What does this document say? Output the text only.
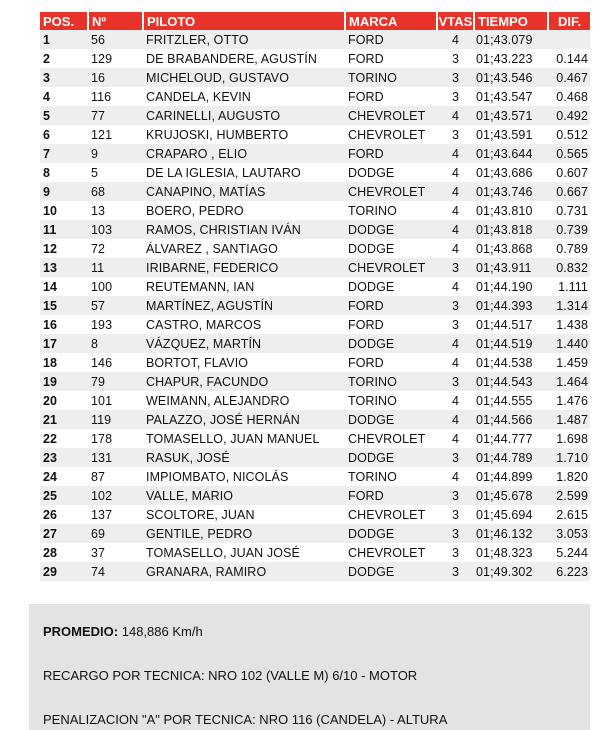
POS.	Nº	PILOTO	MARCA	VTAS	TIEMPO	DIF.
1	56	FRITZLER, OTTO	FORD	4	01;43.079	
2	129	DE BRABANDERE, AGUSTÍN	FORD	3	01;43.223	0.144
3	16	MICHELOUD, GUSTAVO	TORINO	3	01;43.546	0.467
4	116	CANDELA, KEVIN	FORD	3	01;43.547	0.468
5	77	CARINELLI, AUGUSTO	CHEVROLET	4	01;43.571	0.492
6	121	KRUJOSKI, HUMBERTO	CHEVROLET	3	01;43.591	0.512
7	9	CRAPARO , ELIO	FORD	4	01;43.644	0.565
8	5	DE LA IGLESIA, LAUTARO	DODGE	4	01;43.686	0.607
9	68	CANAPINO, MATÍAS	CHEVROLET	4	01;43.746	0.667
10	13	BOERO, PEDRO	TORINO	4	01;43.810	0.731
11	103	RAMOS, CHRISTIAN IVÁN	DODGE	4	01;43.818	0.739
12	72	ÁLVAREZ , SANTIAGO	DODGE	4	01;43.868	0.789
13	11	IRIBARNE, FEDERICO	CHEVROLET	3	01;43.911	0.832
14	100	REUTEMANN, IAN	DODGE	4	01;44.190	1.111
15	57	MARTÍNEZ, AGUSTÍN	FORD	3	01;44.393	1.314
16	193	CASTRO, MARCOS	FORD	3	01;44.517	1.438
17	8	VÁZQUEZ, MARTÍN	DODGE	4	01;44.519	1.440
18	146	BORTOT, FLAVIO	FORD	4	01;44.538	1.459
19	79	CHAPUR, FACUNDO	TORINO	3	01;44.543	1.464
20	101	WEIMANN, ALEJANDRO	TORINO	4	01;44.555	1.476
21	119	PALAZZO, JOSÉ HERNÁN	DODGE	4	01;44.566	1.487
22	178	TOMASELLO, JUAN MANUEL	CHEVROLET	4	01;44.777	1.698
23	131	RASUK, JOSÉ	DODGE	3	01;44.789	1.710
24	87	IMPIOMBATO, NICOLÁS	TORINO	4	01;44.899	1.820
25	102	VALLE, MARIO	FORD	3	01;45.678	2.599
26	137	SCOLTORE, JUAN	CHEVROLET	3	01;45.694	2.615
27	69	GENTILE, PEDRO	DODGE	3	01;46.132	3.053
28	37	TOMASELLO, JUAN JOSÉ	CHEVROLET	3	01;48.323	5.244
29	74	GRANARA, RAMIRO	DODGE	3	01;49.302	6.223

PROMEDIO: 148,886 Km/h

RECARGO POR TECNICA: NRO 102 (VALLE M) 6/10 - MOTOR

PENALIZACION "A" POR TECNICA: NRO 116 (CANDELA) - ALTURA
